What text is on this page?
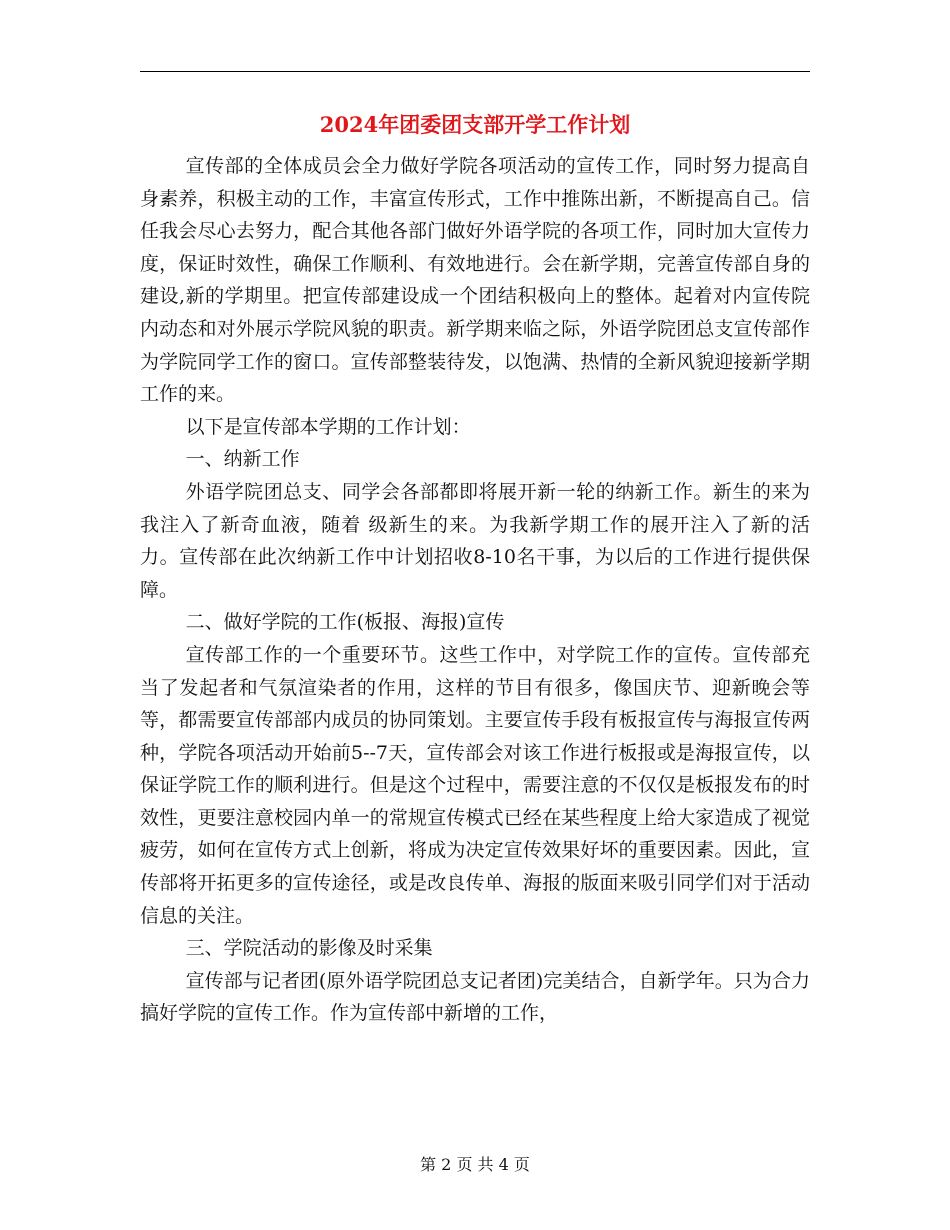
2024年团委团支部开学工作计划

宣传部的全体成员会全力做好学院各项活动的宣传工作，同时努力提高自身素养，积极主动的工作，丰富宣传形式，工作中推陈出新，不断提高自己。信任我会尽心去努力，配合其他各部门做好外语学院的各项工作，同时加大宣传力度，保证时效性，确保工作顺利、有效地进行。会在新学期，完善宣传部自身的建设,新的学期里。把宣传部建设成一个团结积极向上的整体。起着对内宣传院内动态和对外展示学院风貌的职责。新学期来临之际，外语学院团总支宣传部作为学院同学工作的窗口。宣传部整装待发，以饱满、热情的全新风貌迎接新学期工作的来。

以下是宣传部本学期的工作计划：

一、纳新工作

外语学院团总支、同学会各部都即将展开新一轮的纳新工作。新生的来为我注入了新奇血液，随着 级新生的来。为我新学期工作的展开注入了新的活力。宣传部在此次纳新工作中计划招收8-10名干事，为以后的工作进行提供保障。

二、做好学院的工作(板报、海报)宣传

宣传部工作的一个重要环节。这些工作中，对学院工作的宣传。宣传部充当了发起者和气氛渲染者的作用，这样的节目有很多，像国庆节、迎新晚会等等，都需要宣传部部内成员的协同策划。主要宣传手段有板报宣传与海报宣传两种，学院各项活动开始前5--7天，宣传部会对该工作进行板报或是海报宣传，以保证学院工作的顺利进行。但是这个过程中，需要注意的不仅仅是板报发布的时效性，更要注意校园内单一的常规宣传模式已经在某些程度上给大家造成了视觉疲劳，如何在宣传方式上创新，将成为决定宣传效果好坏的重要因素。因此，宣传部将开拓更多的宣传途径，或是改良传单、海报的版面来吸引同学们对于活动信息的关注。

三、学院活动的影像及时采集

宣传部与记者团(原外语学院团总支记者团)完美结合，自新学年。只为合力搞好学院的宣传工作。作为宣传部中新增的工作，

第 2 页 共 4 页
